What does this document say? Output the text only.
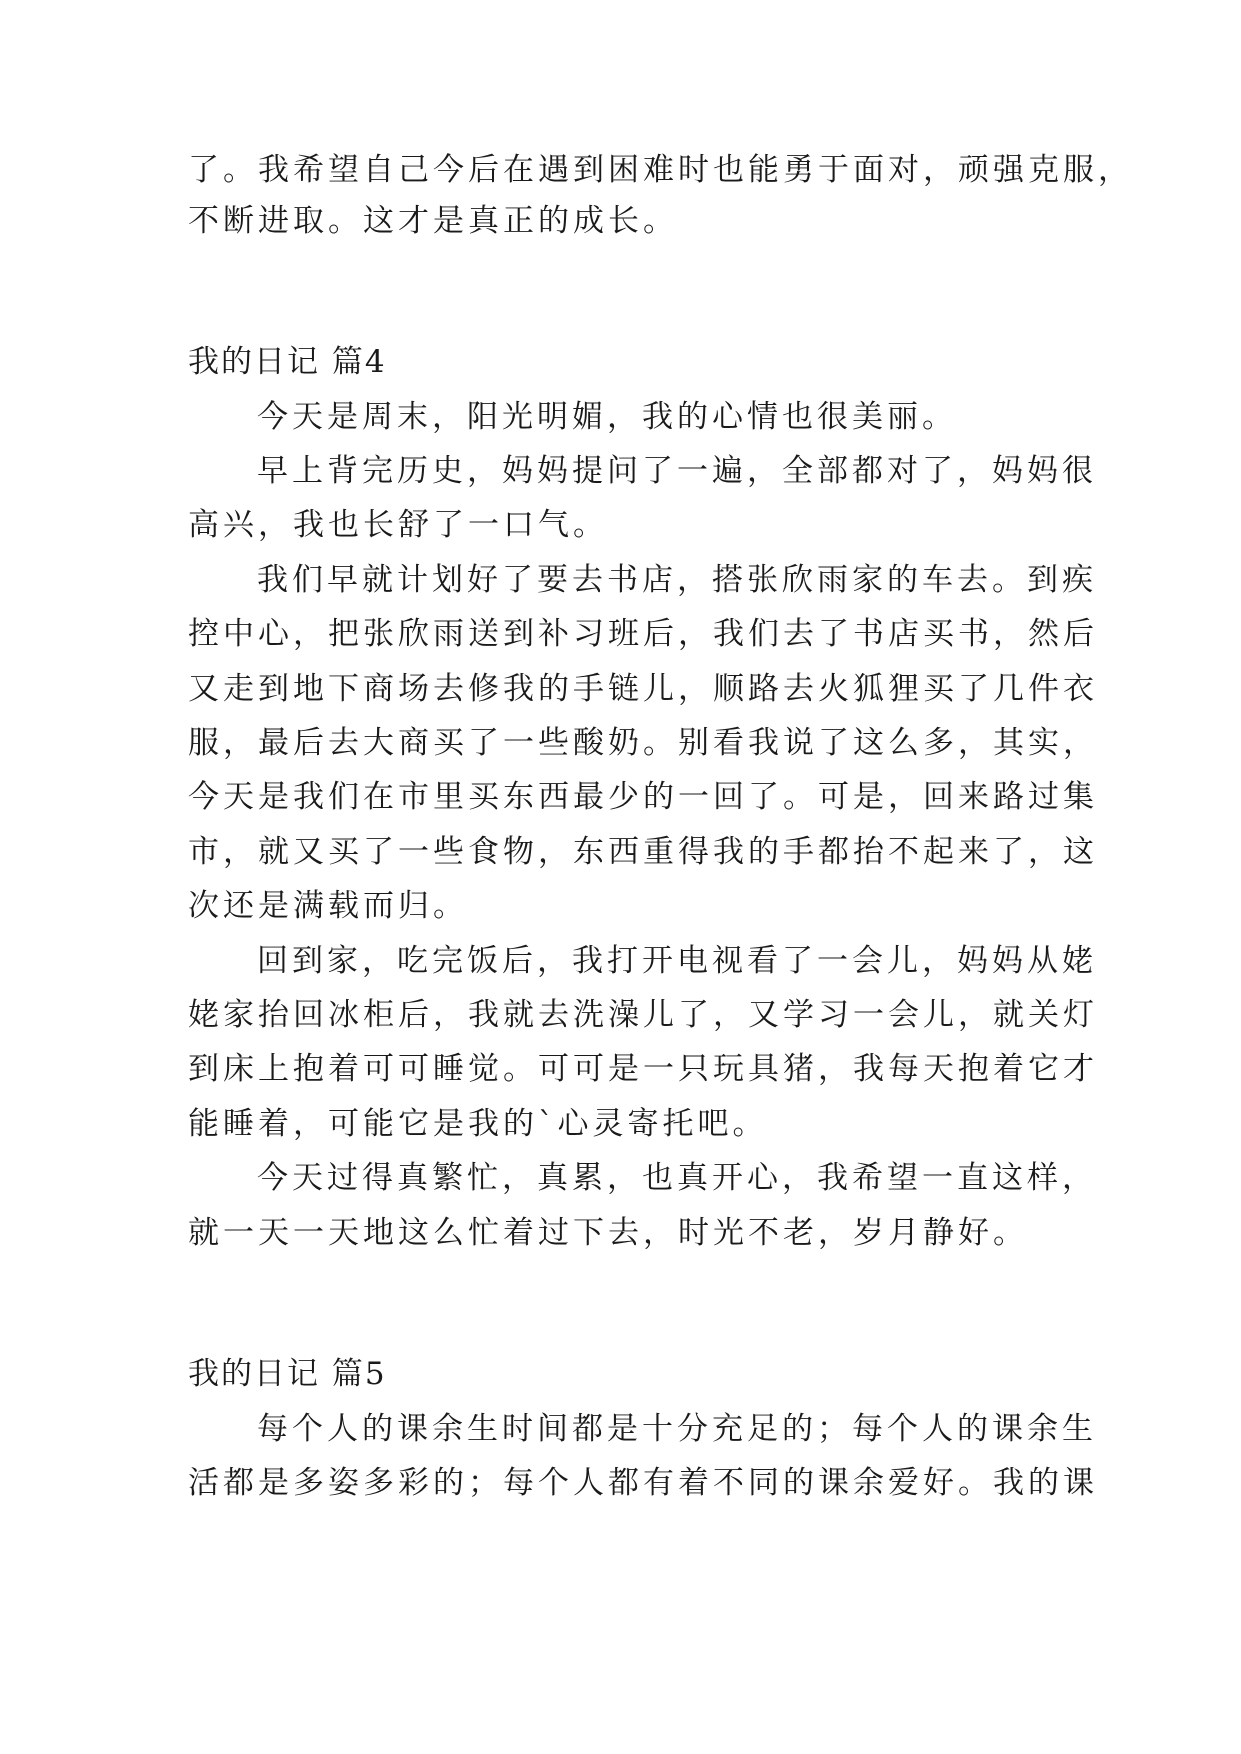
了。我希望自己今后在遇到困难时也能勇于面对，顽强克服，
不断进取。这才是真正的成长。
我的日记 篇4
今天是周末，阳光明媚，我的心情也很美丽。
早上背完历史，妈妈提问了一遍，全部都对了，妈妈很
高兴，我也长舒了一口气。
我们早就计划好了要去书店，搭张欣雨家的车去。到疾
控中心，把张欣雨送到补习班后，我们去了书店买书，然后
又走到地下商场去修我的手链儿，顺路去火狐狸买了几件衣
服，最后去大商买了一些酸奶。别看我说了这么多，其实，
今天是我们在市里买东西最少的一回了。可是，回来路过集
市，就又买了一些食物，东西重得我的手都抬不起来了，这
次还是满载而归。
回到家，吃完饭后，我打开电视看了一会儿，妈妈从姥
姥家抬回冰柜后，我就去洗澡儿了，又学习一会儿，就关灯
到床上抱着可可睡觉。可可是一只玩具猪，我每天抱着它才
能睡着，可能它是我的`心灵寄托吧。
今天过得真繁忙，真累，也真开心，我希望一直这样，
就一天一天地这么忙着过下去，时光不老，岁月静好。
我的日记 篇5
每个人的课余生时间都是十分充足的；每个人的课余生
活都是多姿多彩的；每个人都有着不同的课余爱好。我的课
